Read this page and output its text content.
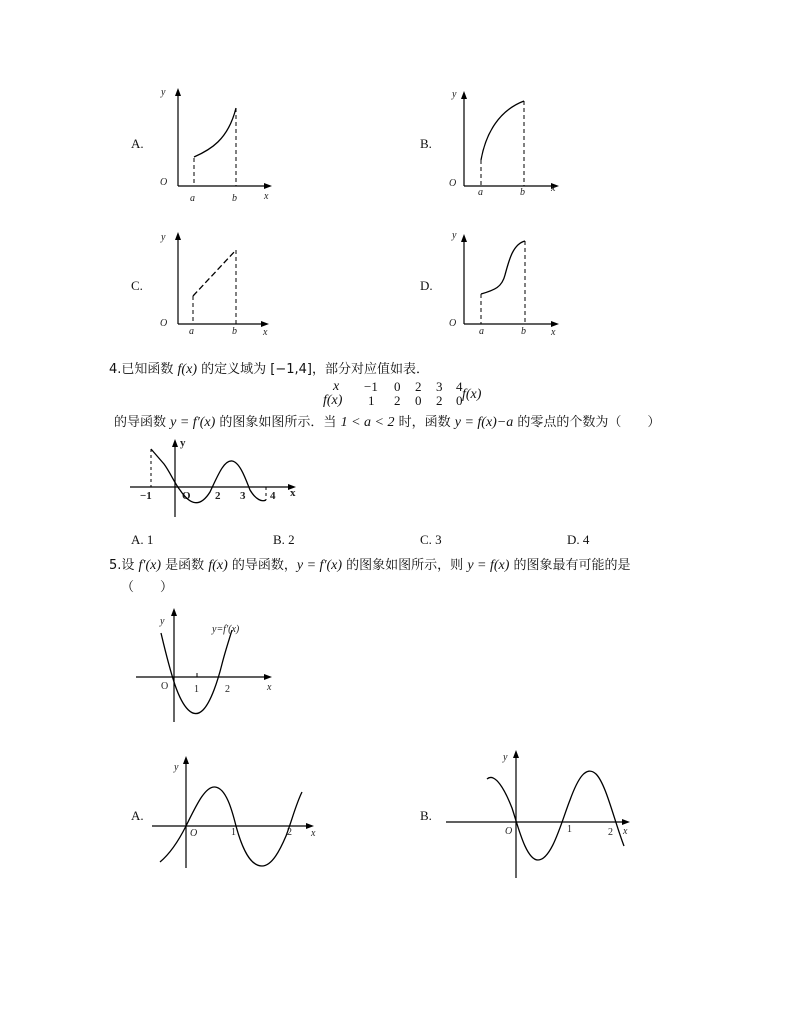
A.
y
x
O
a	b
B.
y
x
O
a	b
C.
y
x
O
a	b
D.
y
x
O
a	b
4.已知函数 f(x) 的定义域为 [−1,4]，部分对应值如表．
x −1 0 2 3 4
f(x) 1 2 0 2 0 f(x)
的导函数 y = f′(x) 的图象如图所示．当 1 < a < 2 时，函数 y = f(x)−a 的零点的个数为（　　）
y
x
O
−1	2 3 4
A. 1	B. 2	C. 3	D. 4
5.设 f′(x) 是函数 f(x) 的导函数，y = f′(x) 的图象如图所示，则 y = f(x) 的图象最有可能的是
（　　）
y
x
O	1	2
y=f′(x)
A.
y
x
O	1	2
B.
y
x
O	1	2
